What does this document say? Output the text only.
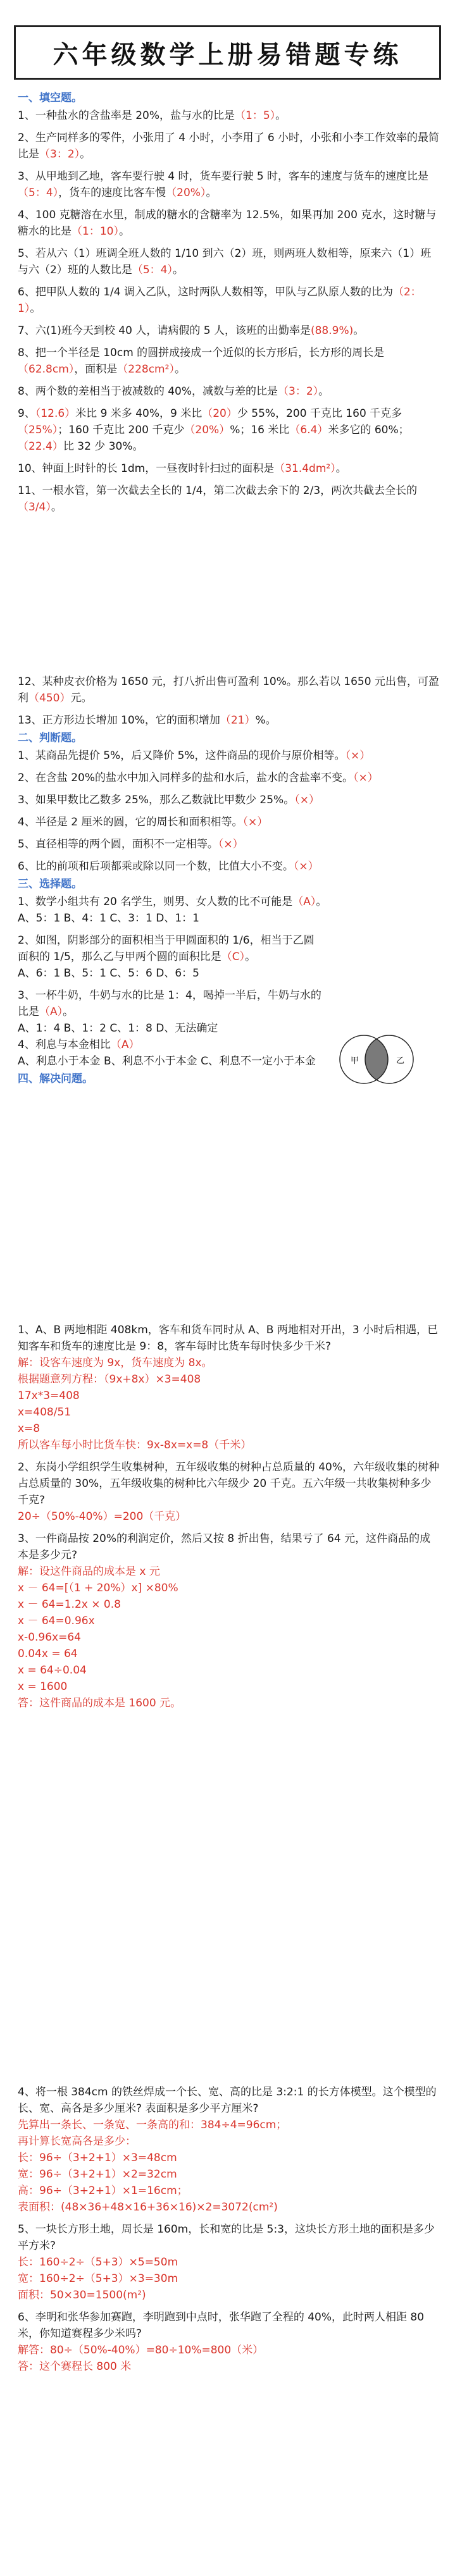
六年级数学上册易错题专练
一、填空题。

1、一种盐水的含盐率是 20%，盐与水的比是（1：5）。

2、生产同样多的零件，小张用了 4 小时，小李用了 6 小时，小张和小李工作效率的最简比是（3：2）。

3、从甲地到乙地，客车要行驶 4 时，货车要行驶 5 时，客车的速度与货车的速度比是（5：4），货车的速度比客车慢（20%）。

4、100 克糖溶在水里，制成的糖水的含糖率为 12.5%，如果再加 200 克水，这时糖与糖水的比是（1：10）。

5、若从六（1）班调全班人数的 1/10 到六（2）班，则两班人数相等，原来六（1）班与六（2）班的人数比是（5：4）。

6、把甲队人数的 1/4 调入乙队，这时两队人数相等，甲队与乙队原人数的比为（2：1）。

7、六(1)班今天到校 40 人，请病假的 5 人，该班的出勤率是(88.9%)。

8、把一个半径是 10cm 的圆拼成接成一个近似的长方形后，长方形的周长是（62.8cm），面积是（228cm²）。

8、两个数的差相当于被减数的 40%，减数与差的比是（3：2）。

9、（12.6）米比 9 米多 40%，9 米比（20）少 55%，200 千克比 160 千克多（25%）；160 千克比 200 千克少（20%）%；16 米比（6.4）米多它的 60%；（22.4）比 32 少 30%。

10、钟面上时针的长 1dm，一昼夜时针扫过的面积是（31.4dm²）。

11、一根水管，第一次截去全长的 1/4，第二次截去余下的 2/3，两次共截去全长的（3/4）。

12、某种皮衣价格为 1650 元，打八折出售可盈利 10%。那么若以 1650 元出售，可盈利（450）元。

13、正方形边长增加 10%，它的面积增加（21）%。

二、判断题。

1、某商品先提价 5%，后又降价 5%，这件商品的现价与原价相等。（×）

2、在含盐 20%的盐水中加入同样多的盐和水后，盐水的含盐率不变。（×）

3、如果甲数比乙数多 25%，那么乙数就比甲数少 25%。（×）

4、半径是 2 厘米的圆，它的周长和面积相等。（×）

5、直径相等的两个圆，面积不一定相等。（×）

6、比的前项和后项都乘或除以同一个数，比值大小不变。（×）

三、选择题。

1、数学小组共有 20 名学生，则男、女人数的比不可能是（A）。

A、5：1 B、4：1 C、3：1 D、1：1

2、如图，阴影部分的面积相当于甲圆面积的 1/6，相当于乙圆面积的 1/5，那么乙与甲两个圆的面积比是（C）。

A、6：1 B、5：1 C、5：6 D、6：5

3、一杯牛奶，牛奶与水的比是 1：4，喝掉一半后，牛奶与水的比是（A）。

A、1：4 B、1：2 C、1：8 D、无法确定

4、利息与本金相比（A）

A、利息小于本金 B、利息不小于本金 C、利息不一定小于本金

四、解决问题。
甲	乙

1、A、B 两地相距 408km，客车和货车同时从 A、B 两地相对开出，3 小时后相遇，已知客车和货车的速度比是 9：8，客车每时比货车每时快多少千米?

解：设客车速度为 9x，货车速度为 8x。

根据题意列方程：（9x+8x）×3=408

17x*3=408

x=408/51

x=8

所以客车每小时比货车快：9x-8x=x=8（千米）

2、东岗小学组织学生收集树种，五年级收集的树种占总质量的 40%，六年级收集的树种占总质量的 30%，五年级收集的树种比六年级少 20 千克。五六年级一共收集树种多少千克?

20÷（50%-40%）=200（千克）

3、一件商品按 20%的利润定价，然后又按 8 折出售，结果亏了 64 元，这件商品的成本是多少元?

解：设这件商品的成本是 x 元

x － 64=[（1 + 20%）x] ×80%

x － 64=1.2x × 0.8

x － 64=0.96x

x-0.96x=64

0.04x = 64

x = 64÷0.04

x = 1600

答：这件商品的成本是 1600 元。

4、将一根 384cm 的铁丝焊成一个长、宽、高的比是 3:2:1 的长方体模型。这个模型的长、宽、高各是多少厘米? 表面积是多少平方厘米?

先算出一条长、一条宽、一条高的和：384÷4=96cm；

再计算长宽高各是多少：

长：96÷（3+2+1）×3=48cm

宽：96÷（3+2+1）×2=32cm

高：96÷（3+2+1）×1=16cm；

表面积：(48×36+48×16+36×16)×2=3072(cm²)

5、一块长方形土地，周长是 160m，长和宽的比是 5:3，这块长方形土地的面积是多少平方米?

长：160÷2÷（5+3）×5=50m

宽：160÷2÷（5+3）×3=30m

面积：50×30=1500(m²)

6、李明和张华参加赛跑，李明跑到中点时，张华跑了全程的 40%，此时两人相距 80 米，你知道赛程多少米吗?

解答：80÷（50%-40%）=80÷10%=800（米）

答：这个赛程长 800 米
